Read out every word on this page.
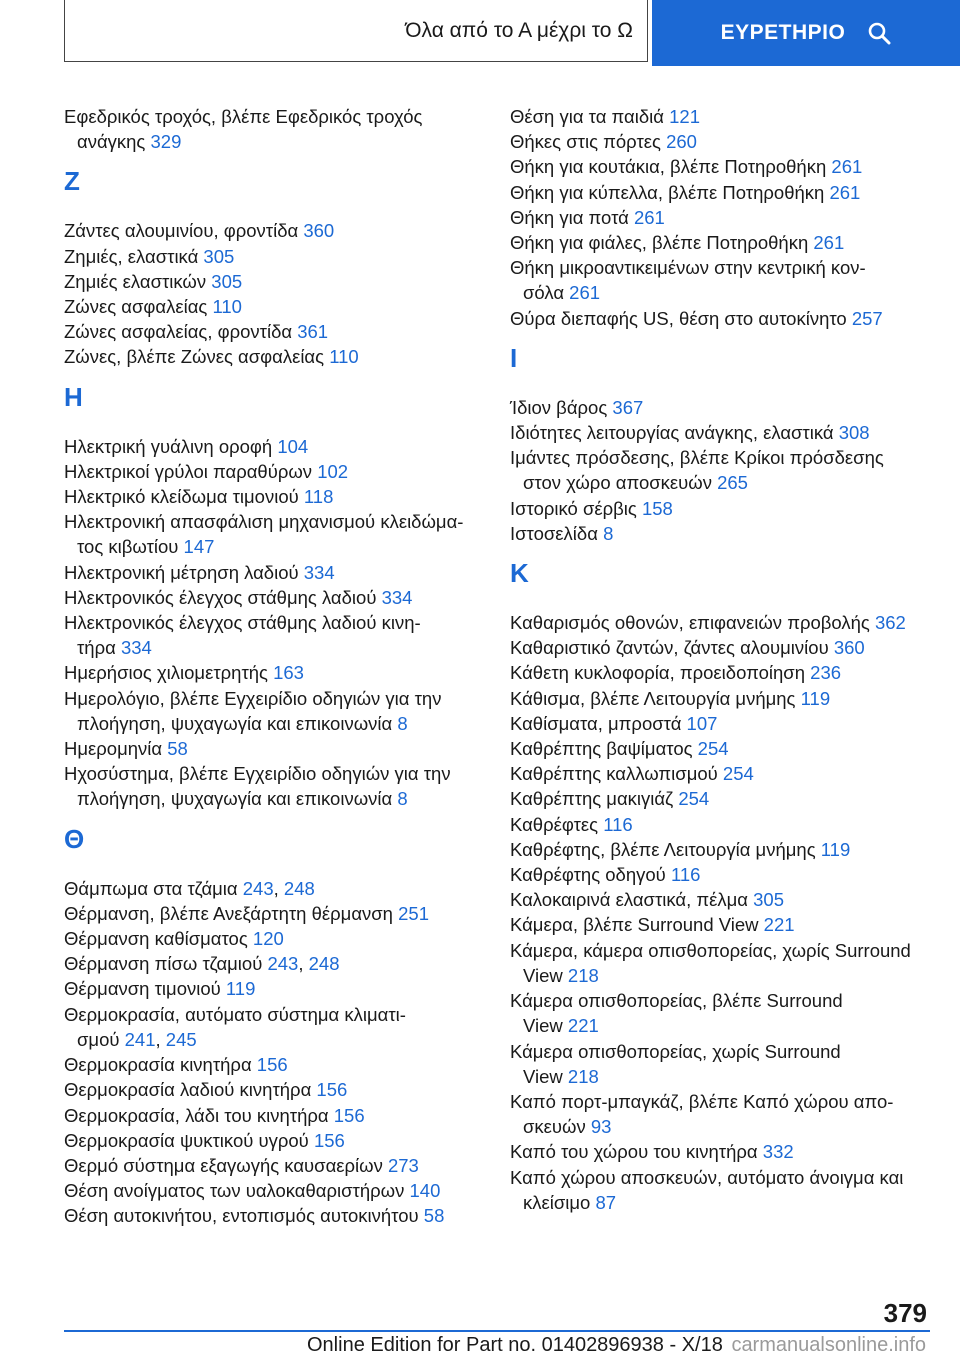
Όλα από το Α μέχρι το Ω	ΕΥΡΕΤΗΡΙΟ
Εφεδρικός τροχός, βλέπε Εφεδρικός τροχός
ανάγκης 329
Z
Ζάντες αλουμινίου, φροντίδα 360
Ζημιές, ελαστικά 305
Ζημιές ελαστικών 305
Ζώνες ασφαλείας 110
Ζώνες ασφαλείας, φροντίδα 361
Ζώνες, βλέπε Ζώνες ασφαλείας 110
H
Ηλεκτρική γυάλινη οροφή 104
Ηλεκτρικοί γρύλοι παραθύρων 102
Ηλεκτρικό κλείδωμα τιμονιού 118
Ηλεκτρονική απασφάλιση μηχανισμού κλειδώμα‐
τος κιβωτίου 147
Ηλεκτρονική μέτρηση λαδιού 334
Ηλεκτρονικός έλεγχος στάθμης λαδιού 334
Ηλεκτρονικός έλεγχος στάθμης λαδιού κινη‐
τήρα 334
Ημερήσιος χιλιομετρητής 163
Ημερολόγιο, βλέπε Εγχειρίδιο οδηγιών για την
πλοήγηση, ψυχαγωγία και επικοινωνία 8
Ημερομηνία 58
Ηχοσύστημα, βλέπε Εγχειρίδιο οδηγιών για την
πλοήγηση, ψυχαγωγία και επικοινωνία 8
Θ
Θάμπωμα στα τζάμια 243, 248
Θέρμανση, βλέπε Ανεξάρτητη θέρμανση 251
Θέρμανση καθίσματος 120
Θέρμανση πίσω τζαμιού 243, 248
Θέρμανση τιμονιού 119
Θερμοκρασία, αυτόματο σύστημα κλιματι‐
σμού 241, 245
Θερμοκρασία κινητήρα 156
Θερμοκρασία λαδιού κινητήρα 156
Θερμοκρασία, λάδι του κινητήρα 156
Θερμοκρασία ψυκτικού υγρού 156
Θερμό σύστημα εξαγωγής καυσαερίων 273
Θέση ανοίγματος των υαλοκαθαριστήρων 140
Θέση αυτοκινήτου, εντοπισμός αυτοκινήτου 58
Θέση για τα παιδιά 121
Θήκες στις πόρτες 260
Θήκη για κουτάκια, βλέπε Ποτηροθήκη 261
Θήκη για κύπελλα, βλέπε Ποτηροθήκη 261
Θήκη για ποτά 261
Θήκη για φιάλες, βλέπε Ποτηροθήκη 261
Θήκη μικροαντικειμένων στην κεντρική κον‐
σόλα 261
Θύρα διεπαφής US, θέση στο αυτοκίνητο 257
I
Ίδιον βάρος 367
Ιδιότητες λειτουργίας ανάγκης, ελαστικά 308
Ιμάντες πρόσδεσης, βλέπε Κρίκοι πρόσδεσης
στον χώρο αποσκευών 265
Ιστορικό σέρβις 158
Ιστοσελίδα 8
K
Καθαρισμός οθονών, επιφανειών προβολής 362
Καθαριστικό ζαντών, ζάντες αλουμινίου 360
Κάθετη κυκλοφορία, προειδοποίηση 236
Κάθισμα, βλέπε Λειτουργία μνήμης 119
Καθίσματα, μπροστά 107
Καθρέπτης βαψίματος 254
Καθρέπτης καλλωπισμού 254
Καθρέπτης μακιγιάζ 254
Καθρέφτες 116
Καθρέφτης, βλέπε Λειτουργία μνήμης 119
Καθρέφτης οδηγού 116
Καλοκαιρινά ελαστικά, πέλμα 305
Κάμερα, βλέπε Surround View 221
Κάμερα, κάμερα οπισθοπορείας, χωρίς Surround
View 218
Κάμερα οπισθοπορείας, βλέπε Surround
View 221
Κάμερα οπισθοπορείας, χωρίς Surround
View 218
Καπό πορτ-μπαγκάζ, βλέπε Καπό χώρου απο‐
σκευών 93
Καπό του χώρου του κινητήρα 332
Καπό χώρου αποσκευών, αυτόματο άνοιγμα και
κλείσιμο 87
379
Online Edition for Part no. 01402896938 - X/18 carmanualsonline.info
